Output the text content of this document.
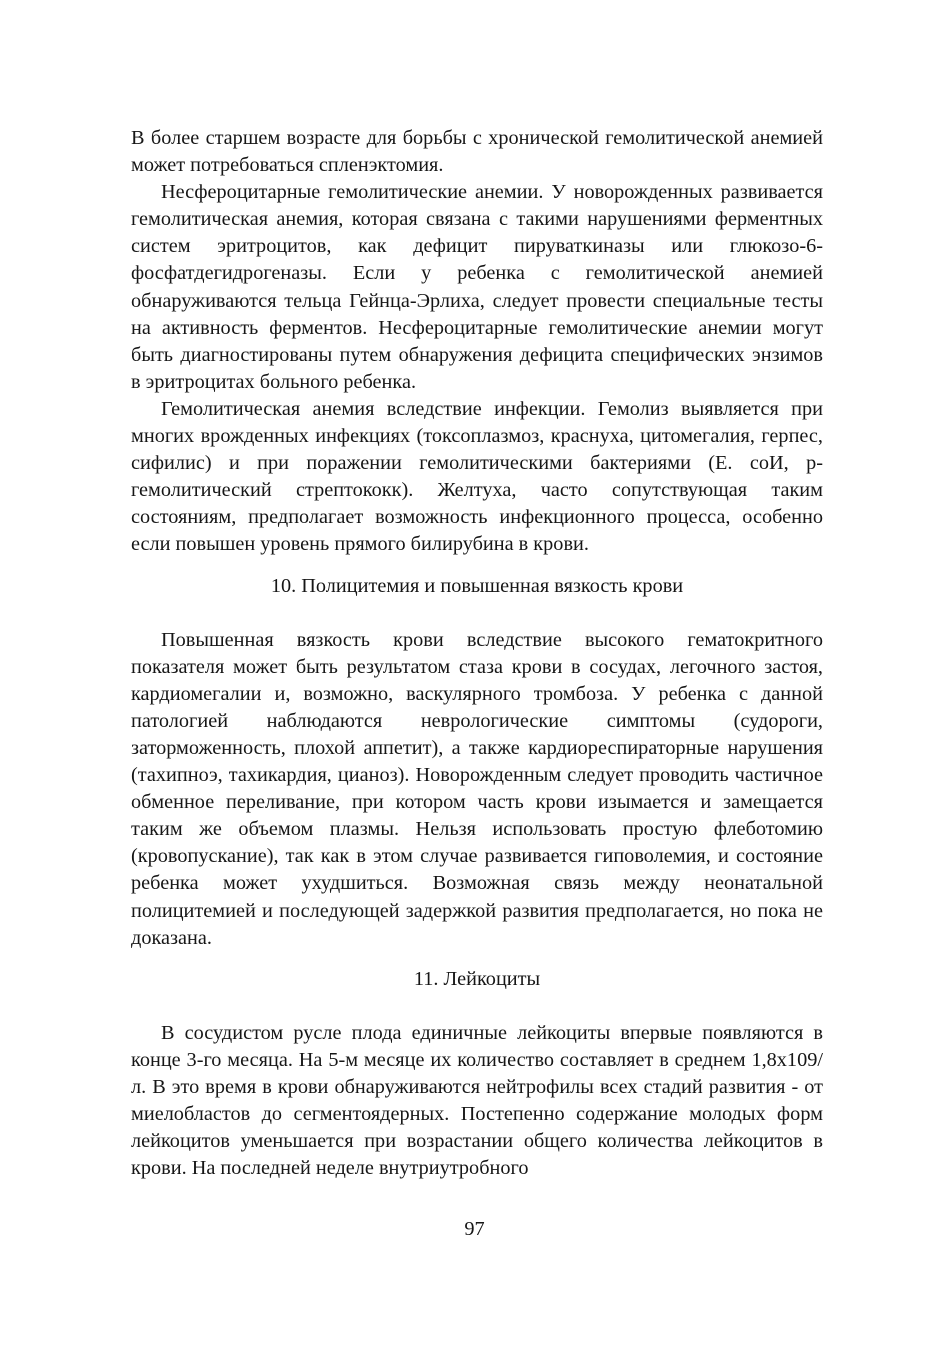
В более старшем возрасте для борьбы с хронической гемолитической анемией может потребоваться спленэктомия.

Несфероцитарные гемолитические анемии. У новорожденных развивается гемолитическая анемия, которая связана с такими нарушениями ферментных систем эритроцитов, как дефицит пируваткиназы или глюкозо-6-фосфатдегидрогеназы. Если у ребенка с гемолитической анемией обнаруживаются тельца Гейнца-Эрлиха, следует провести специальные тесты на активность ферментов. Несфероцитарные гемолитические анемии могут быть диагностированы путем обнаружения дефицита специфических энзимов в эритроцитах больного ребенка.

Гемолитическая анемия вследствие инфекции. Гемолиз выявляется при многих врожденных инфекциях (токсоплазмоз, краснуха, цитомегалия, герпес, сифилис) и при поражении гемолитическими бактериями (E. coИ, p-гемолитический стрептококк). Желтуха, часто сопутствующая таким состояниям, предполагает возможность инфекционного процесса, особенно если повышен уровень прямого билирубина в крови.

10. Полицитемия и повышенная вязкость крови

Повышенная вязкость крови вследствие высокого гематокритного показателя может быть результатом стаза крови в сосудах, легочного застоя, кардиомегалии и, возможно, васкулярного тромбоза. У ребенка с данной патологией наблюдаются неврологические симптомы (судороги, заторможенность, плохой аппетит), а также кардиореспираторные нарушения (тахипноэ, тахикардия, цианоз). Новорожденным следует проводить частичное обменное переливание, при котором часть крови изымается и замещается таким же объемом плазмы. Нельзя использовать простую флеботомию (кровопускание), так как в этом случае развивается гиповолемия, и состояние ребенка может ухудшиться. Возможная связь между неонатальной полицитемией и последующей задержкой развития предполагается, но пока не доказана.

11. Лейкоциты

В сосудистом русле плода единичные лейкоциты впервые появляются в конце 3-го месяца. На 5-м месяце их количество составляет в среднем 1,8x109/л. В это время в крови обнаруживаются нейтрофилы всех стадий развития - от миелобластов до сегментоядерных. Постепенно содержание молодых форм лейкоцитов уменьшается при возрастании общего количества лейкоцитов в крови. На последней неделе внутриутробного

97
